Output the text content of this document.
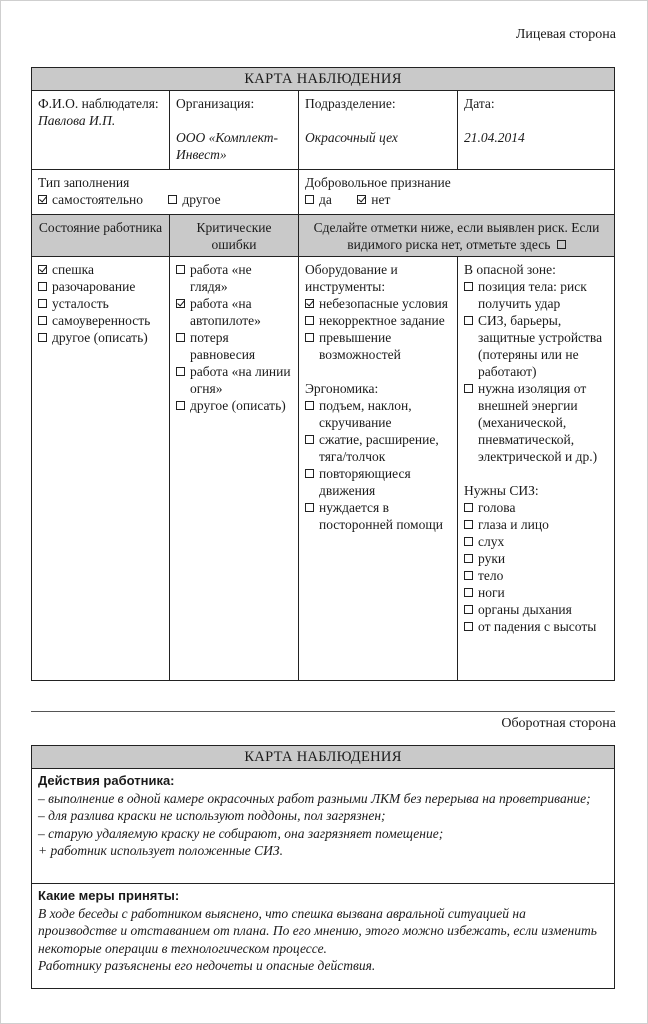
Лицевая сторона
КАРТА НАБЛЮДЕНИЯ
Ф.И.О. наблюдателя:
Павлова И.П.
Организация:
ООО «Комплект-Инвест»
Подразделение:
Окрасочный цех
Дата:
21.04.2014
Тип заполнения
самостоятельно	другое
Добровольное признание
да	нет
Состояние работника	Критические ошибки
Сделайте отметки ниже, если выявлен риск. Если видимого риска нет, отметьте здесь
спешка
разочарование
усталость
самоуверенность
другое (описать)
работа «не глядя»
работа «на автопилоте»
потеря равновесия
работа «на линии огня»
другое (описать)
Оборудование и инструменты:
небезопасные условия
некорректное задание
превышение возможностей
Эргономика:
подъем, наклон, скручивание
сжатие, расширение, тяга/толчок
повторяющиеся движения
нуждается в посторонней помощи
В опасной зоне:
позиция тела: риск получить удар
СИЗ, барьеры, защитные устройства (потеряны или не работают)
нужна изоляция от внешней энергии (механической, пневматической, электрической и др.)
Нужны СИЗ:
голова
глаза и лицо
слух
руки
тело
ноги
органы дыхания
от падения с высоты
Оборотная сторона
КАРТА НАБЛЮДЕНИЯ
Действия работника:
– выполнение в одной камере окрасочных работ разными ЛКМ без перерыва на проветривание;
– для разлива краски не используют поддоны, пол загрязнен;
– старую удаляемую краску не собирают, она загрязняет помещение;
+ работник использует положенные СИЗ.
Какие меры приняты:
В ходе беседы с работником выяснено, что спешка вызвана авральной ситуацией на производстве и отставанием от плана. По его мнению, этого можно избежать, если изменить некоторые операции в технологическом процессе.
Работнику разъяснены его недочеты и опасные действия.
